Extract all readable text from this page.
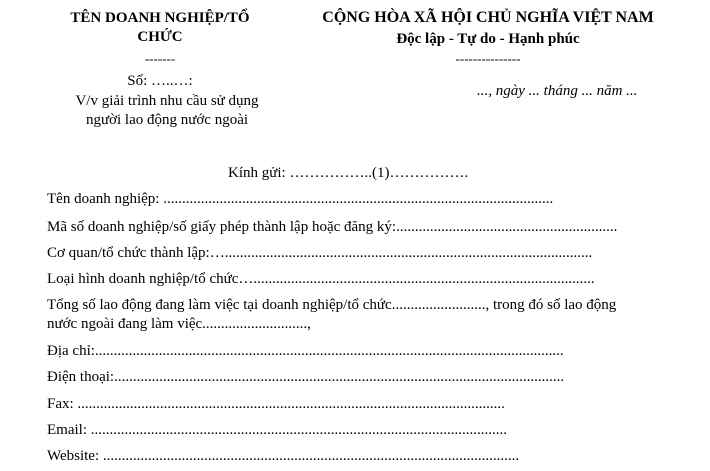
TÊN DOANH NGHIỆP/TỔ CHỨC
-------
Số: …..…:
V/v giải trình nhu cầu sử dụng người lao động nước ngoài
CỘNG HÒA XÃ HỘI CHỦ NGHĨA VIỆT NAM
Độc lập - Tự do - Hạnh phúc
---------------
..., ngày ... tháng ... năm ...
Kính gửi: ……………..(1)…………….
Tên doanh nghiệp: ........................................................................................................
Mã số doanh nghiệp/số giấy phép thành lập hoặc đăng ký:...........................................................
Cơ quan/tổ chức thành lập:…..................................................................................................
Loại hình doanh nghiệp/tổ chức…...........................................................................................
Tổng số lao động đang làm việc tại doanh nghiệp/tổ chức........................., trong đó số lao động
nước ngoài đang làm việc............................,
Địa chỉ:.............................................................................................................................
Điện thoại:........................................................................................................................
Fax: ..................................................................................................................
Email: ...............................................................................................................
Website: ...............................................................................................................
